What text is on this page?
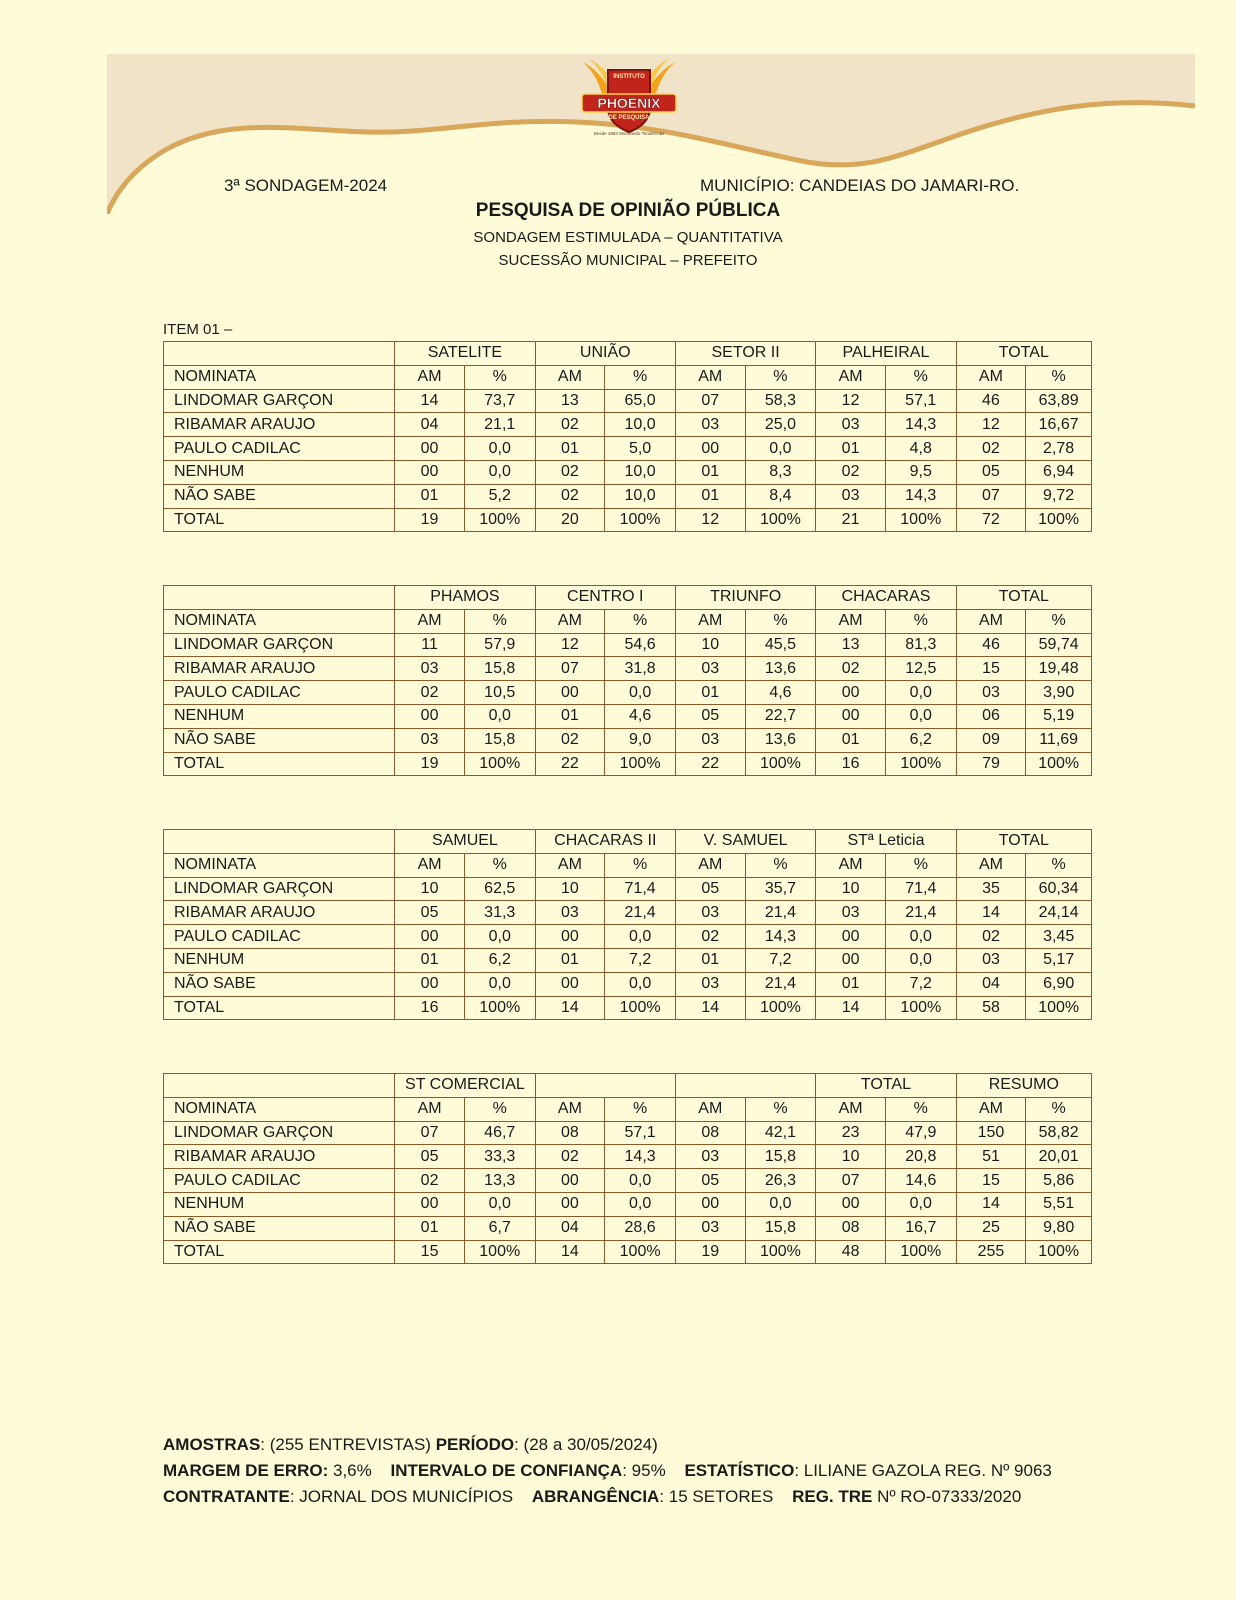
INSTITUTO
PHOENIX
DE PESQUISA
Desde 1994 Mostrando Tendências
3ª SONDAGEM-2024	MUNICÍPIO: CANDEIAS DO JAMARI-RO.
PESQUISA DE OPINIÃO PÚBLICA
SONDAGEM ESTIMULADA – QUANTITATIVA
SUCESSÃO MUNICIPAL – PREFEITO
ITEM 01 –
	SATELITE		UNIÃO		SETOR II		PALHEIRAL		TOTAL	
NOMINATA	AM	%	AM	%	AM	%	AM	%	AM	%
LINDOMAR GARÇON	14	73,7	13	65,0	07	58,3	12	57,1	46	63,89
RIBAMAR ARAUJO	04	21,1	02	10,0	03	25,0	03	14,3	12	16,67
PAULO CADILAC	00	0,0	01	5,0	00	0,0	01	4,8	02	2,78
NENHUM	00	0,0	02	10,0	01	8,3	02	9,5	05	6,94
NÃO SABE	01	5,2	02	10,0	01	8,4	03	14,3	07	9,72
TOTAL	19	100%	20	100%	12	100%	21	100%	72	100%
	PHAMOS		CENTRO I		TRIUNFO		CHACARAS		TOTAL	
NOMINATA	AM	%	AM	%	AM	%	AM	%	AM	%
LINDOMAR GARÇON	11	57,9	12	54,6	10	45,5	13	81,3	46	59,74
RIBAMAR ARAUJO	03	15,8	07	31,8	03	13,6	02	12,5	15	19,48
PAULO CADILAC	02	10,5	00	0,0	01	4,6	00	0,0	03	3,90
NENHUM	00	0,0	01	4,6	05	22,7	00	0,0	06	5,19
NÃO SABE	03	15,8	02	9,0	03	13,6	01	6,2	09	11,69
TOTAL	19	100%	22	100%	22	100%	16	100%	79	100%
	SAMUEL		CHACARAS II		V. SAMUEL		STª Leticia		TOTAL	
NOMINATA	AM	%	AM	%	AM	%	AM	%	AM	%
LINDOMAR GARÇON	10	62,5	10	71,4	05	35,7	10	71,4	35	60,34
RIBAMAR ARAUJO	05	31,3	03	21,4	03	21,4	03	21,4	14	24,14
PAULO CADILAC	00	0,0	00	0,0	02	14,3	00	0,0	02	3,45
NENHUM	01	6,2	01	7,2	01	7,2	00	0,0	03	5,17
NÃO SABE	00	0,0	00	0,0	03	21,4	01	7,2	04	6,90
TOTAL	16	100%	14	100%	14	100%	14	100%	58	100%
	ST COMERCIAL						TOTAL		RESUMO	
NOMINATA	AM	%	AM	%	AM	%	AM	%	AM	%
LINDOMAR GARÇON	07	46,7	08	57,1	08	42,1	23	47,9	150	58,82
RIBAMAR ARAUJO	05	33,3	02	14,3	03	15,8	10	20,8	51	20,01
PAULO CADILAC	02	13,3	00	0,0	05	26,3	07	14,6	15	5,86
NENHUM	00	0,0	00	0,0	00	0,0	00	0,0	14	5,51
NÃO SABE	01	6,7	04	28,6	03	15,8	08	16,7	25	9,80
TOTAL	15	100%	14	100%	19	100%	48	100%	255	100%
AMOSTRAS: (255 ENTREVISTAS) PERÍODO: (28 a 30/05/2024)
MARGEM DE ERRO: 3,6% INTERVALO DE CONFIANÇA: 95% ESTATÍSTICO: LILIANE GAZOLA REG. Nº 9063
CONTRATANTE: JORNAL DOS MUNICÍPIOS ABRANGÊNCIA: 15 SETORES REG. TRE Nº RO-07333/2020
